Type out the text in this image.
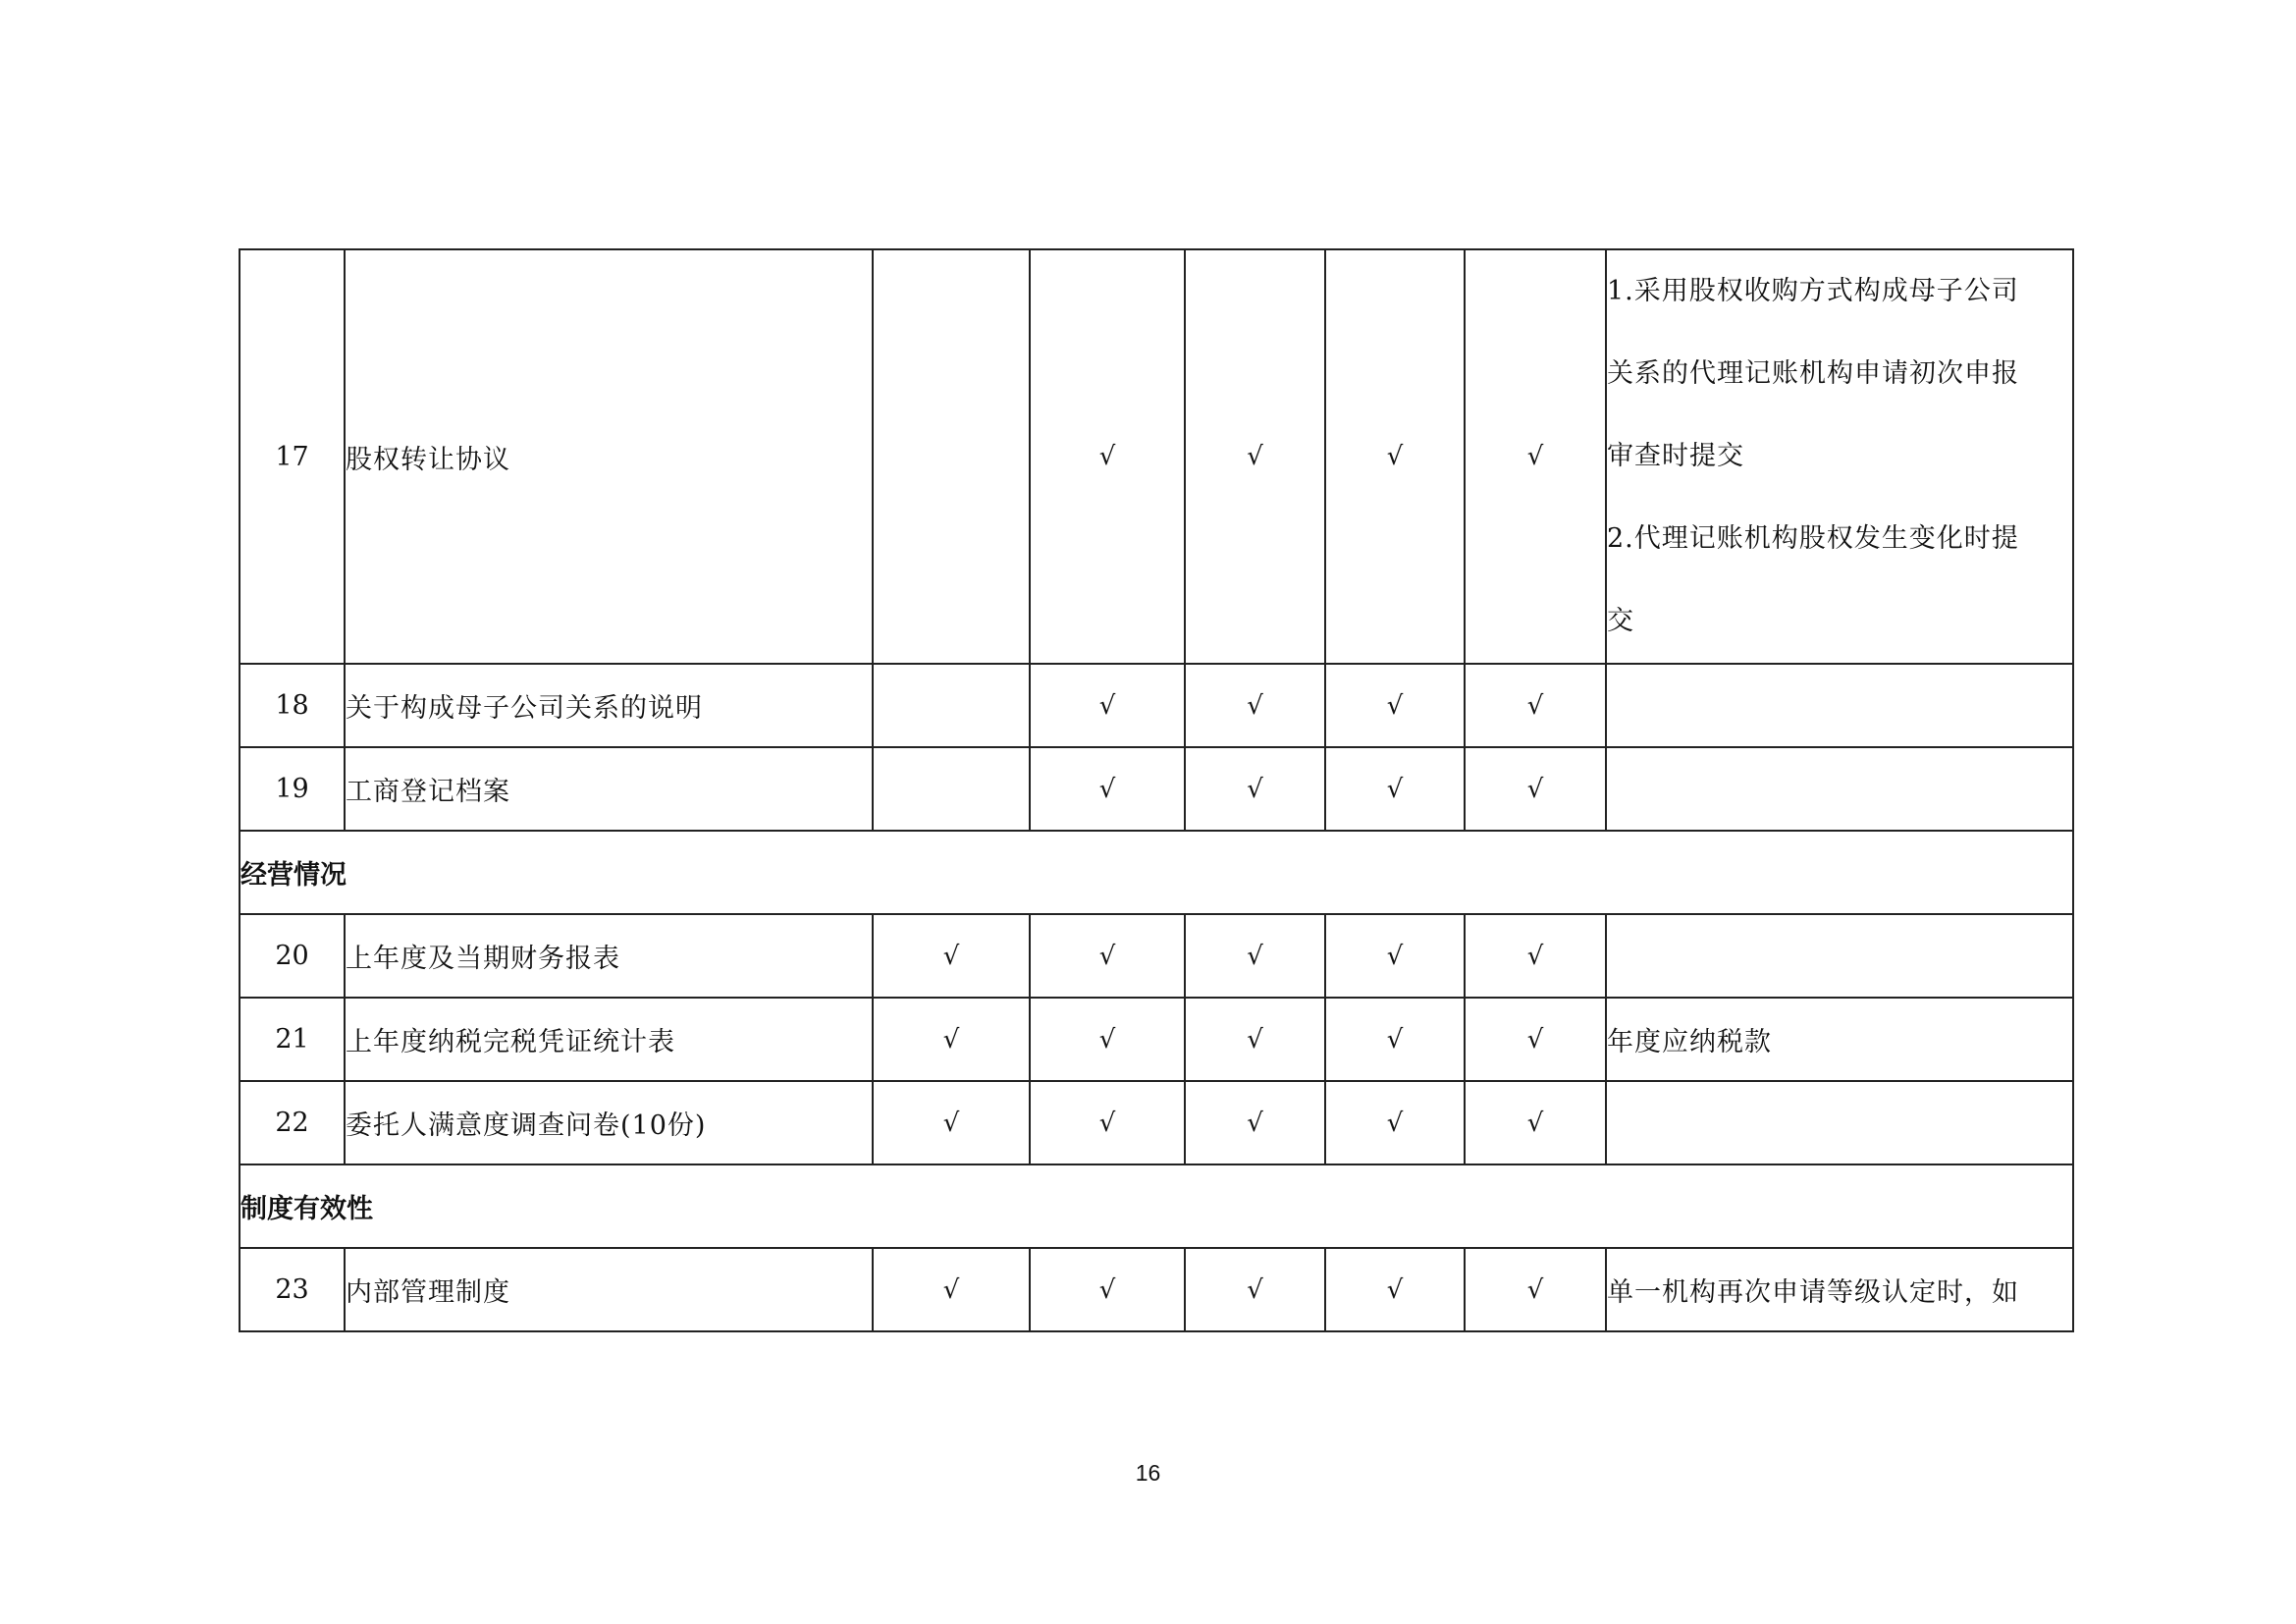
17	股权转让协议		√	√	√	√	1.采用股权收购方式构成母子公司
关系的代理记账机构申请初次申报
审查时提交
2.代理记账机构股权发生变化时提
交

18	关于构成母子公司关系的说明		√	√	√	√	
19	工商登记档案		√	√	√	√	
经营情况							
20	上年度及当期财务报表	√	√	√	√	√	
21	上年度纳税完税凭证统计表	√	√	√	√	√	年度应纳税款
22	委托人满意度调查问卷(10份)	√	√	√	√	√	
制度有效性							
23	内部管理制度	√	√	√	√	√	单一机构再次申请等级认定时，如
16
